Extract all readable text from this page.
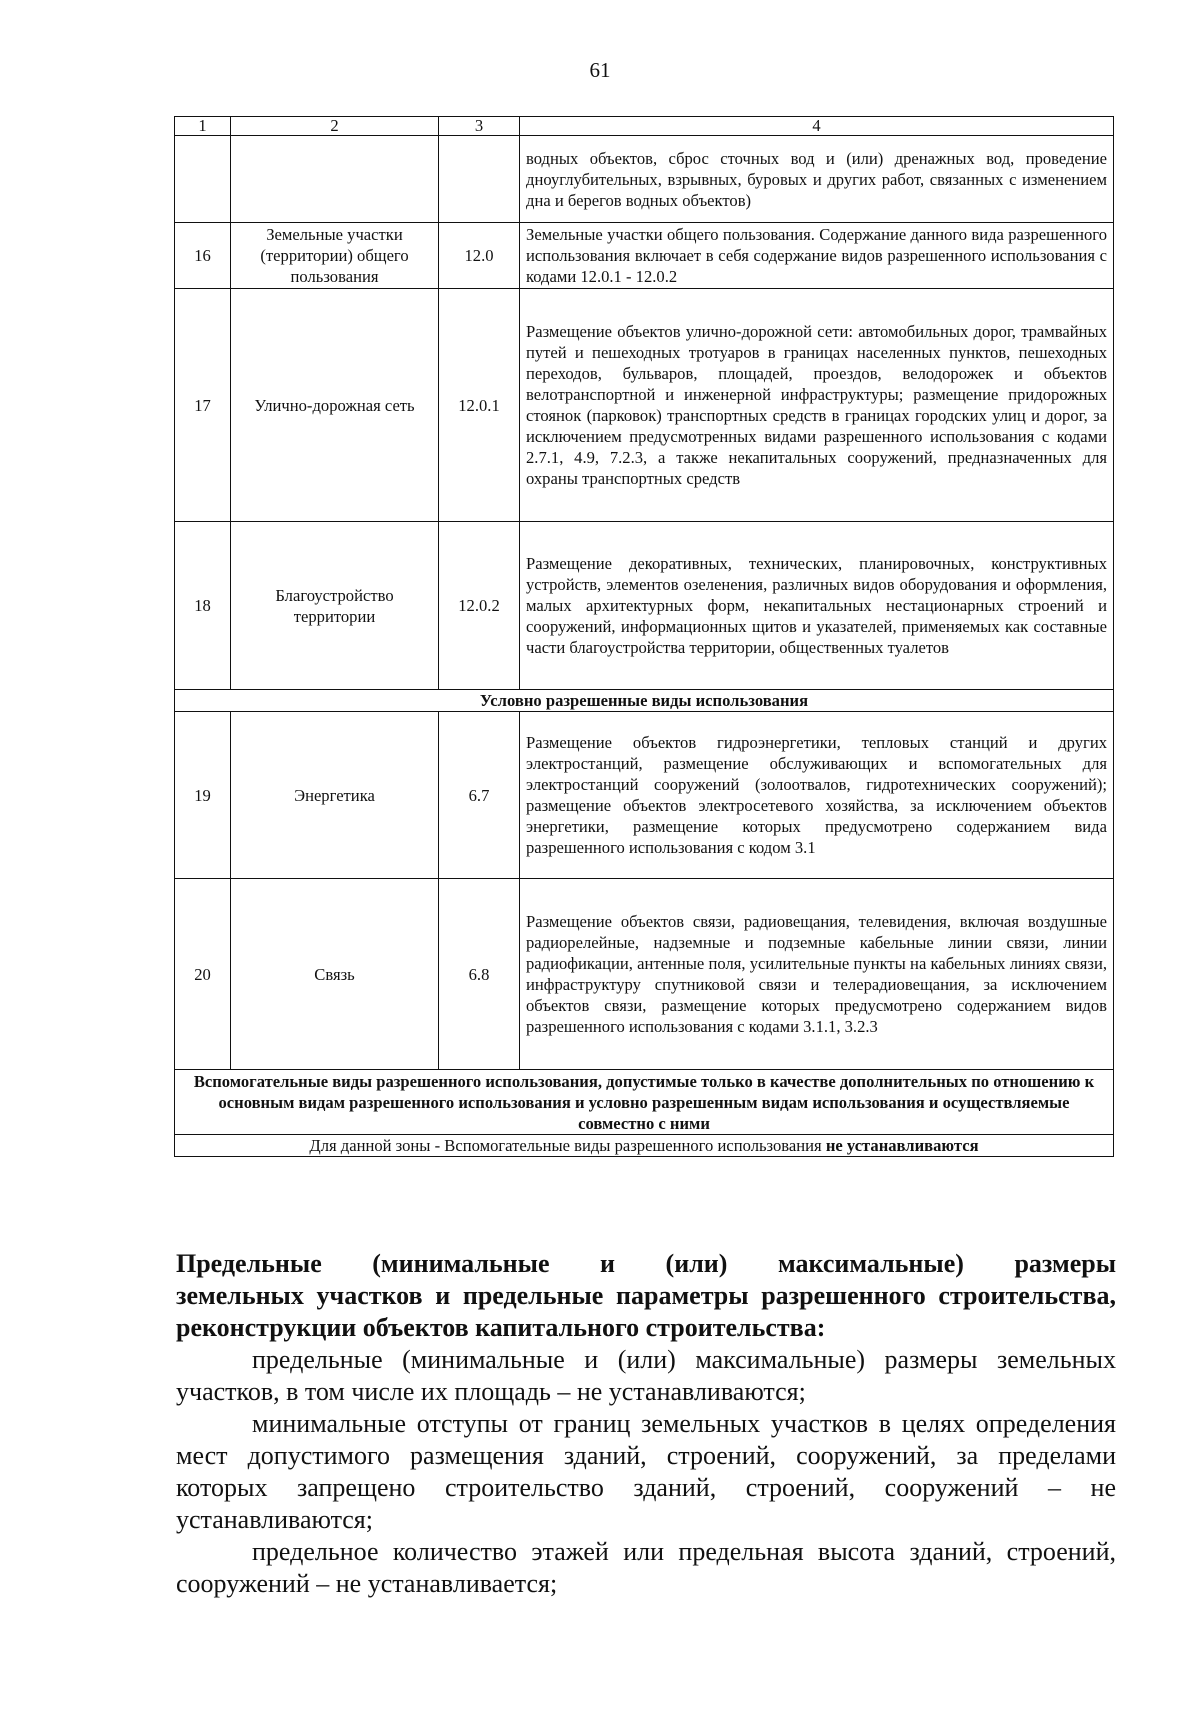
61
1	2	3	4
			водных объектов, сброс сточных вод и (или) дренажных вод, проведение дноуглубительных, взрывных, буровых и других работ, связанных с изменением дна и берегов водных объектов)
16	Земельные участки (территории) общего пользования	12.0	Земельные участки общего пользования. Содержание данного вида разрешенного использования включает в себя содержание видов разрешенного использования с кодами 12.0.1 - 12.0.2
17	Улично-дорожная сеть	12.0.1	Размещение объектов улично-дорожной сети: автомобильных дорог, трамвайных путей и пешеходных тротуаров в границах населенных пунктов, пешеходных переходов, бульваров, площадей, проездов, велодорожек и объектов велотранспортной и инженерной инфраструктуры; размещение придорожных стоянок (парковок) транспортных средств в границах городских улиц и дорог, за исключением предусмотренных видами разрешенного использования с кодами 2.7.1, 4.9, 7.2.3, а также некапитальных сооружений, предназначенных для охраны транспортных средств
18	Благоустройство территории	12.0.2	Размещение декоративных, технических, планировочных, конструктивных устройств, элементов озеленения, различных видов оборудования и оформления, малых архитектурных форм, некапитальных нестационарных строений и сооружений, информационных щитов и указателей, применяемых как составные части благоустройства территории, общественных туалетов
Условно разрешенные виды использования			
19	Энергетика	6.7	Размещение объектов гидроэнергетики, тепловых станций и других электростанций, размещение обслуживающих и вспомогательных для электростанций сооружений (золоотвалов, гидротехнических сооружений); размещение объектов электросетевого хозяйства, за исключением объектов энергетики, размещение которых предусмотрено содержанием вида разрешенного использования с кодом 3.1
20	Связь	6.8	Размещение объектов связи, радиовещания, телевидения, включая воздушные радиорелейные, надземные и подземные кабельные линии связи, линии радиофикации, антенные поля, усилительные пункты на кабельных линиях связи, инфраструктуру спутниковой связи и телерадиовещания, за исключением объектов связи, размещение которых предусмотрено содержанием видов разрешенного использования с кодами 3.1.1, 3.2.3
Вспомогательные виды разрешенного использования, допустимые только в качестве дополнительных по отношению к основным видам разрешенного использования и условно разрешенным видам использования и осуществляемые совместно с ними			
Для данной зоны - Вспомогательные виды разрешенного использования не устанавливаются			
Предельные (минимальные и (или) максимальные) размеры
земельных участков и предельные параметры разрешенного строительства, реконструкции объектов капитального строительства:

предельные (минимальные и (или) максимальные) размеры земельных участков, в том числе их площадь – не устанавливаются;

минимальные отступы от границ земельных участков в целях определения мест допустимого размещения зданий, строений, сооружений, за пределами которых запрещено строительство зданий, строений, сооружений – не устанавливаются;

предельное количество этажей или предельная высота зданий, строений, сооружений – не устанавливается;
